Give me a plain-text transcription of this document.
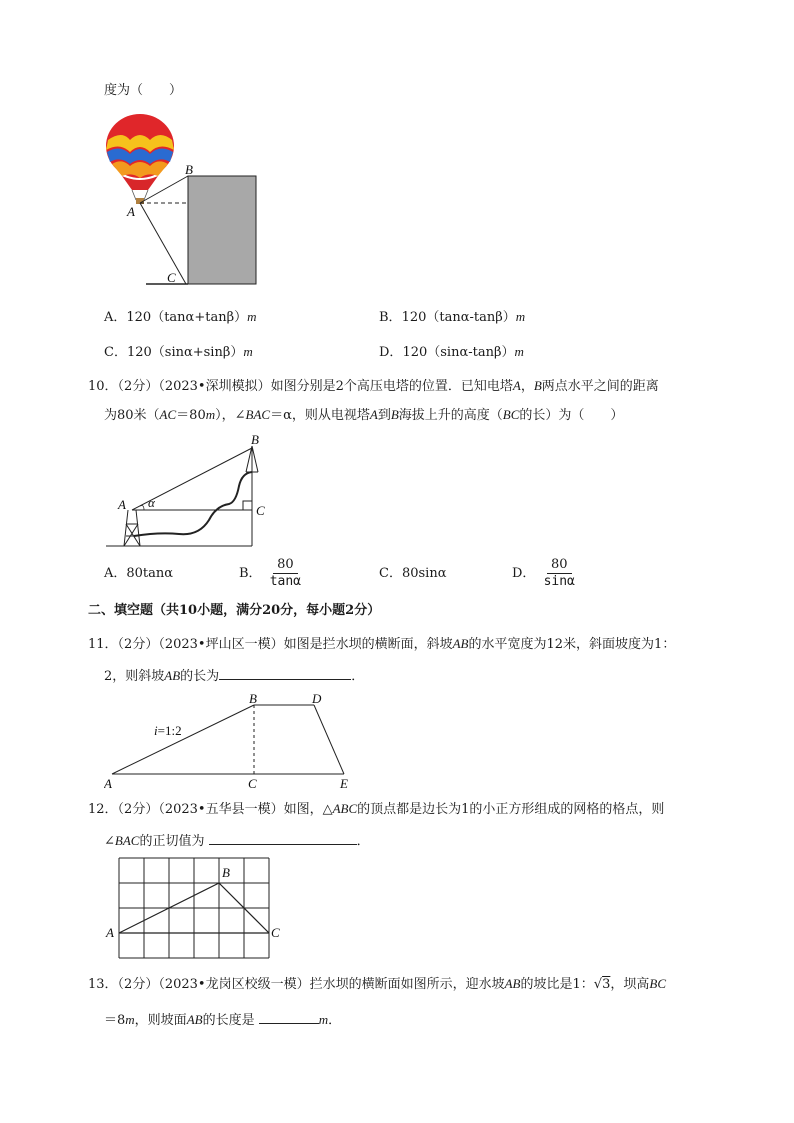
度为（　　）
B
A
C
A．120（tanα+tanβ）m	B．120（tanα-tanβ）m
C．120（sinα+sinβ）m	D．120（sinα-tanβ）m
10．（2分）（2023•深圳模拟）如图分别是2个高压电塔的位置．已知电塔A，B两点水平之间的距离
为80米（AC＝80m），∠BAC＝α，则从电视塔A到B海拔上升的高度（BC的长）为（　　）
B
A	C
α
A．80tanα	B． $\frac{80}{\tan\alpha}$	C．80sinα	D． $\frac{80}{\sin\alpha}$
二、填空题（共10小题，满分20分，每小题2分）
11．（2分）（2023•坪山区一模）如图是拦水坝的横断面，斜坡AB的水平宽度为12米，斜面坡度为1：
2，则斜坡AB的长为	．
B	D
A	C	E
i=1:2
12．（2分）（2023•五华县一模）如图，△ABC的顶点都是边长为1的小正方形组成的网格的格点，则
∠BAC的正切值为	．
B
A	C
13．（2分）（2023•龙岗区校级一模）拦水坝的横断面如图所示，迎水坡AB的坡比是1：√3，坝高BC
＝8m，则坡面AB的长度是	m．
